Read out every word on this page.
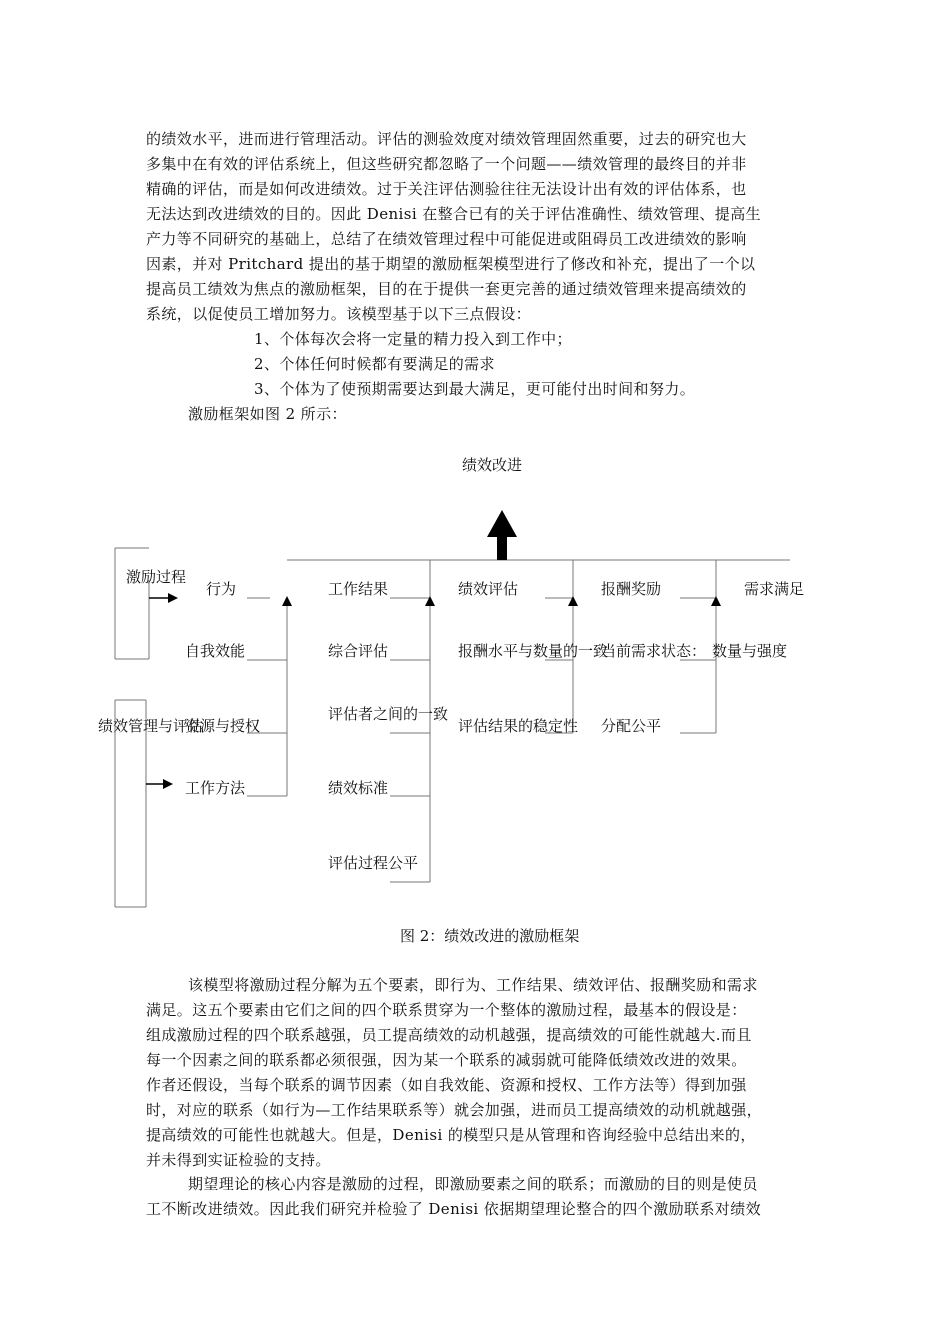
的绩效水平，进而进行管理活动。评估的测验效度对绩效管理固然重要，过去的研究也大
多集中在有效的评估系统上，但这些研究都忽略了一个问题——绩效管理的最终目的并非
精确的评估，而是如何改进绩效。过于关注评估测验往往无法设计出有效的评估体系，也
无法达到改进绩效的目的。因此 Denisi 在整合已有的关于评估准确性、绩效管理、提高生
产力等不同研究的基础上，总结了在绩效管理过程中可能促进或阻碍员工改进绩效的影响
因素，并对 Pritchard 提出的基于期望的激励框架模型进行了修改和补充，提出了一个以
提高员工绩效为焦点的激励框架，目的在于提供一套更完善的通过绩效管理来提高绩效的
系统，以促使员工增加努力。该模型基于以下三点假设：
1、个体每次会将一定量的精力投入到工作中；
2、个体任何时候都有要满足的需求
3、个体为了使预期需要达到最大满足，更可能付出时间和努力。
激励框架如图 2 所示：
绩效改进
激励过程
绩效管理与评估
行为
自我效能
资源与授权
工作方法
工作结果
综合评估
评估者之间的一致
绩效标准
评估过程公平
绩效评估
报酬水平与数量的一致
评估结果的稳定性
报酬奖励
当前需求状态：
分配公平
需求满足
数量与强度
图 2：绩效改进的激励框架
该模型将激励过程分解为五个要素，即行为、工作结果、绩效评估、报酬奖励和需求
满足。这五个要素由它们之间的四个联系贯穿为一个整体的激励过程，最基本的假设是：
组成激励过程的四个联系越强，员工提高绩效的动机越强，提高绩效的可能性就越大.而且
每一个因素之间的联系都必须很强，因为某一个联系的减弱就可能降低绩效改进的效果。
作者还假设，当每个联系的调节因素（如自我效能、资源和授权、工作方法等）得到加强
时，对应的联系（如行为—工作结果联系等）就会加强，进而员工提高绩效的动机就越强，
提高绩效的可能性也就越大。但是，Denisi 的模型只是从管理和咨询经验中总结出来的，
并未得到实证检验的支持。
期望理论的核心内容是激励的过程，即激励要素之间的联系；而激励的目的则是使员
工不断改进绩效。因此我们研究并检验了 Denisi 依据期望理论整合的四个激励联系对绩效
